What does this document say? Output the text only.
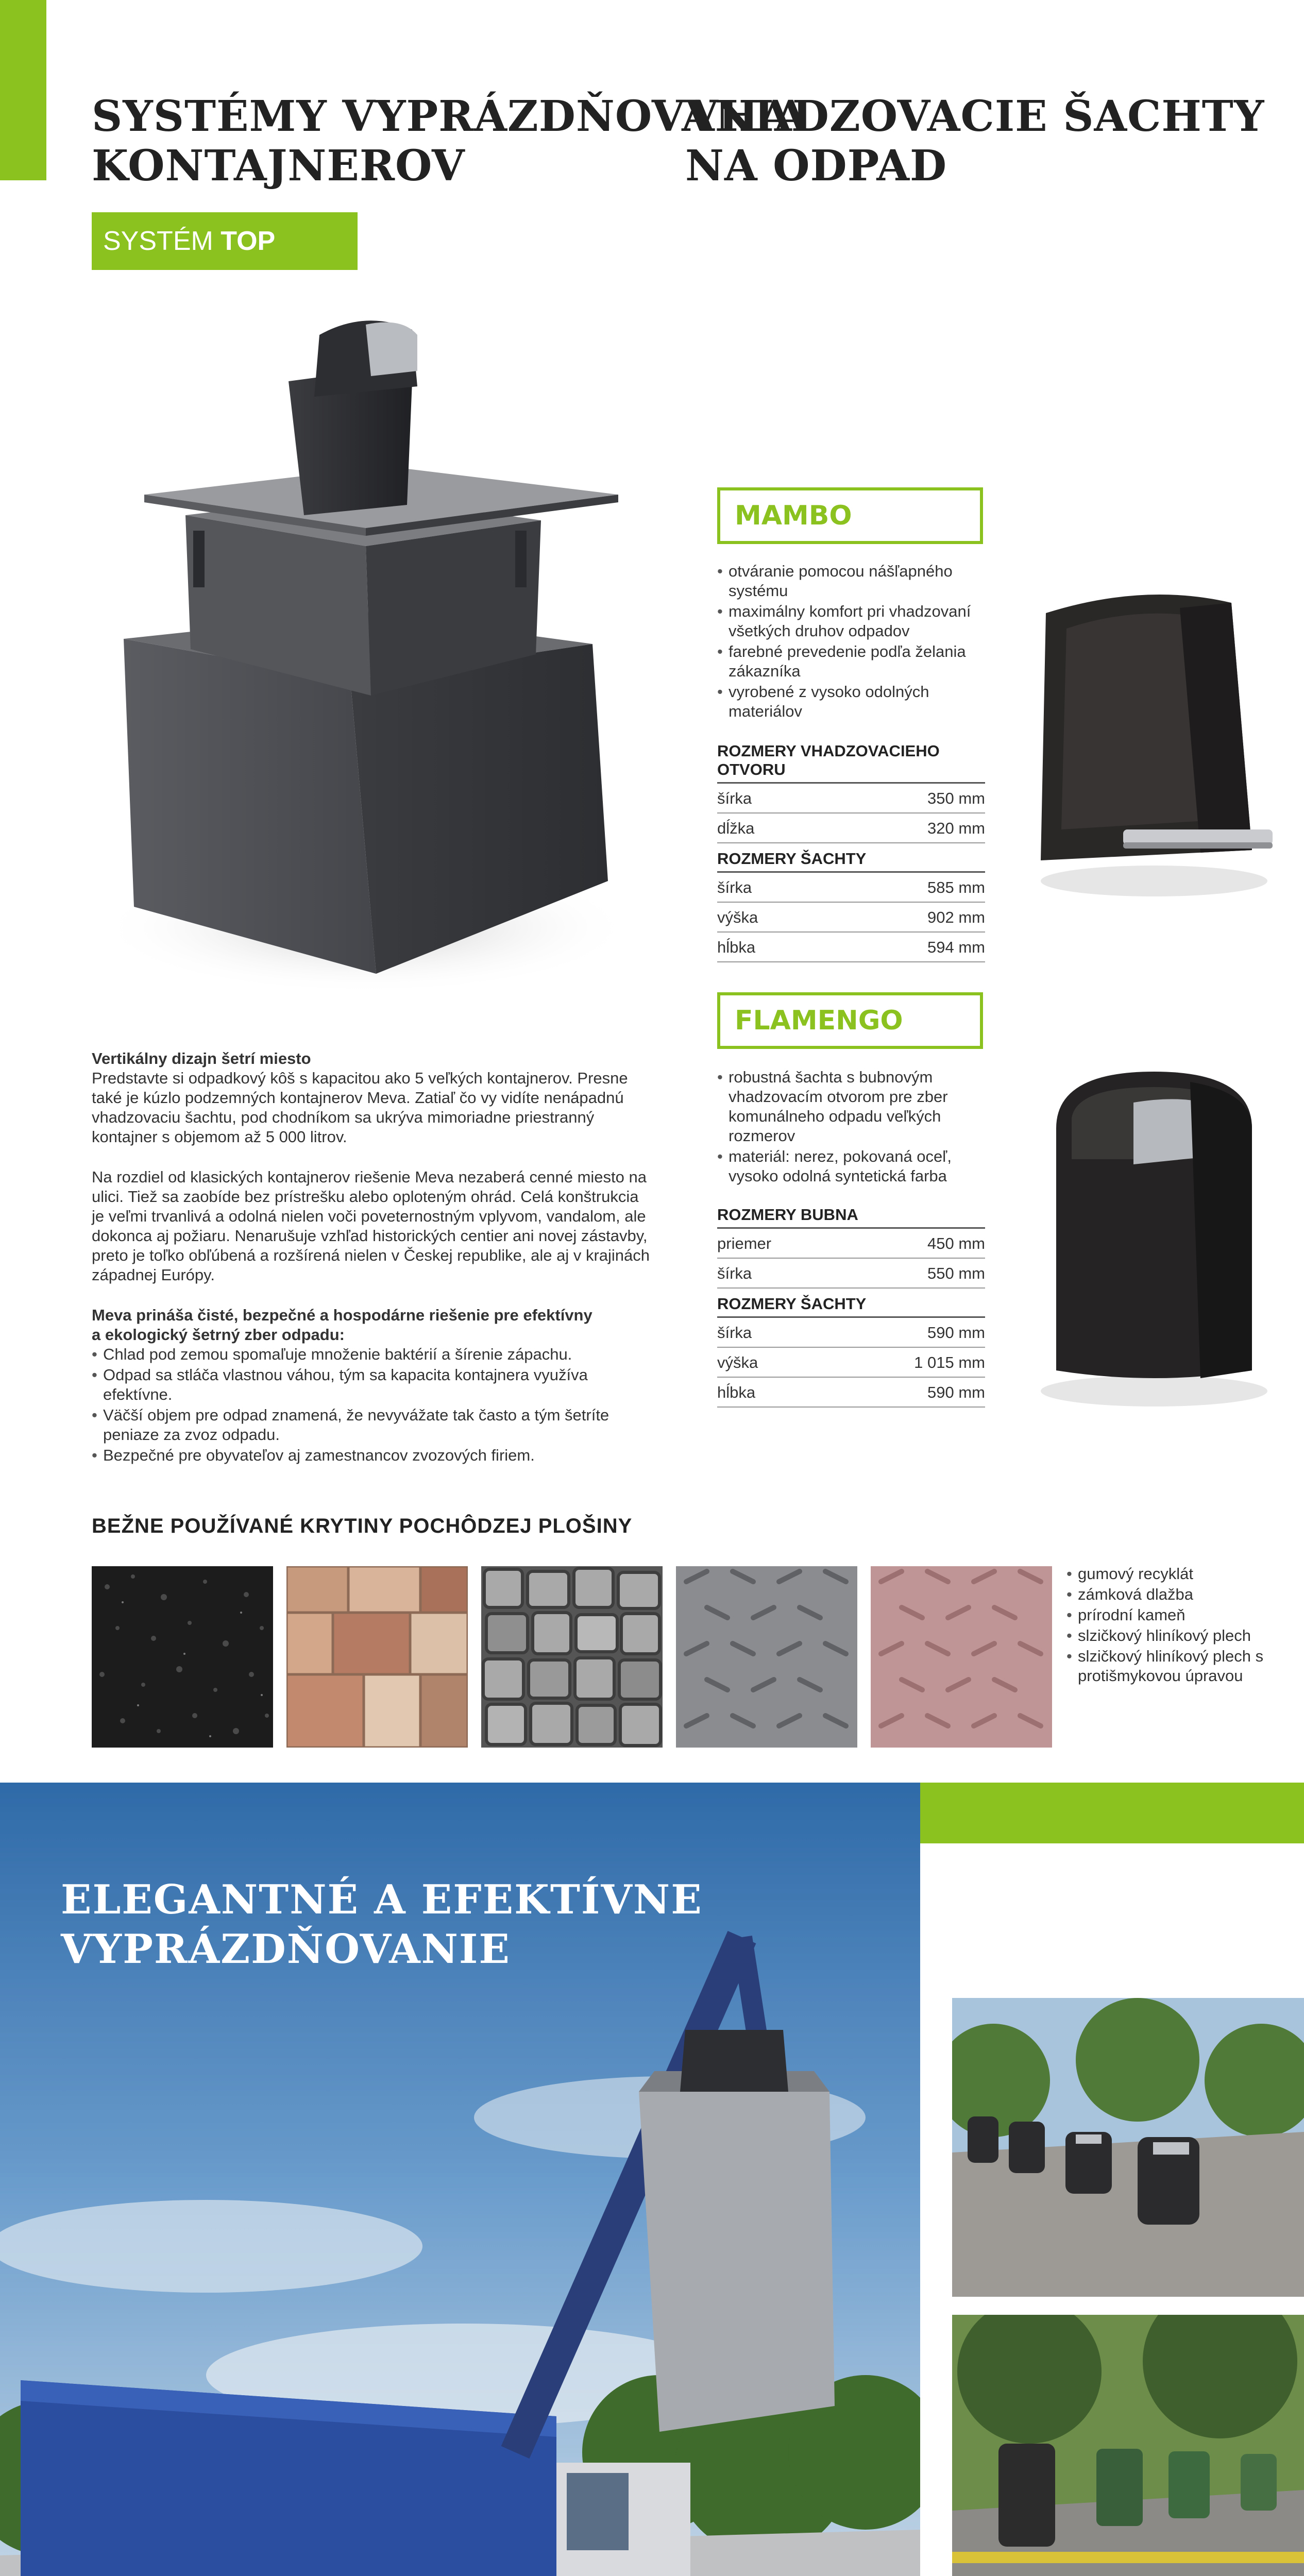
SYSTÉMY VYPRÁZDŇOVANIA
KONTAJNEROV
VHADZOVACIE ŠACHTY
NA ODPAD
SYSTÉM TOP
Vertikálny dizajn šetrí miesto
Predstavte si odpadkový kôš s kapacitou ako 5 veľkých kontajnerov. Presne také je kúzlo podzemných kontajnerov Meva. Zatiaľ čo vy vidíte nenápadnú vhadzovaciu šachtu, pod chodníkom sa ukrýva mimoriadne priestranný kontajner s objemom až 5 000 litrov.
Na rozdiel od klasických kontajnerov riešenie Meva nezaberá cenné miesto na ulici. Tiež sa zaobíde bez prístrešku alebo oploteným ohrád. Celá konštrukcia je veľmi trvanlivá a odolná nielen voči poveternostným vplyvom, vandalom, ale dokonca aj požiaru. Nenarušuje vzhľad historických centier ani novej zástavby, preto je toľko obľúbená a rozšírená nielen v Českej republike, ale aj v krajinách západnej Európy.
Meva prináša čisté, bezpečné a hospodárne riešenie pre efektívny
a ekologický šetrný zber odpadu:
• Chlad pod zemou spomaľuje množenie baktérií a šírenie zápachu.
• Odpad sa stláča vlastnou váhou, tým sa kapacita kontajnera využíva efektívne.
• Väčší objem pre odpad znamená, že nevyvážate tak často a tým šetríte peniaze za zvoz odpadu.
• Bezpečné pre obyvateľov aj zamestnancov zvozových firiem.
MAMBO
• otváranie pomocou nášľapného systému
• maximálny komfort pri vhadzovaní všetkých druhov odpadov
• farebné prevedenie podľa želania zákazníka
• vyrobené z vysoko odolných materiálov
ROZMERY VHADZOVACIEHO OTVORU
šírka	350 mm
dĺžka	320 mm
ROZMERY ŠACHTY
šírka	585 mm
výška	902 mm
hĺbka	594 mm
FLAMENGO
• robustná šachta s bubnovým vhadzovacím otvorom pre zber komunálneho odpadu veľkých rozmerov
• materiál: nerez, pokovaná oceľ, vysoko odolná syntetická farba
ROZMERY BUBNA
priemer	450 mm
šírka	550 mm
ROZMERY ŠACHTY
šírka	590 mm
výška	1 015 mm
hĺbka	590 mm
BEŽNE POUŽÍVANÉ KRYTINY POCHÔDZEJ PLOŠINY
• gumový recyklát
• zámková dlažba
• prírodní kameň
• slzičkový hliníkový plech
• slzičkový hliníkový plech s protišmykovou úpravou
ELEGANTNÉ A EFEKTÍVNE
VYPRÁZDŇOVANIE
